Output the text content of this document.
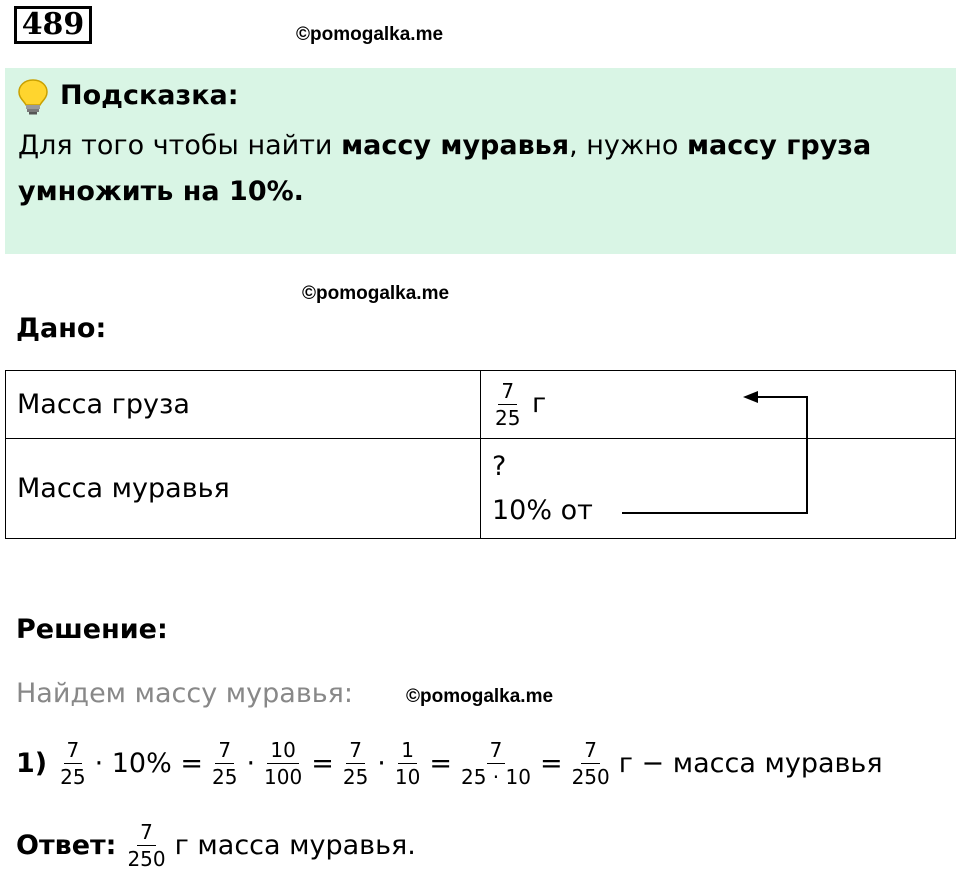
489	©pomogalka.me
Подсказка:
Для того чтобы найти массу муравья, нужно массу груза
умножить на 10%.
©pomogalka.me
Дано:
Масса груза	$\frac{7}{25}$ г
Масса муравья	?
10% от
Решение:
Найдем массу муравья:	©pomogalka.me
$1) \frac{7}{25} \cdot 10\% = \frac{7}{25} \cdot \frac{10}{100} = \frac{7}{25} \cdot \frac{1}{10} = \frac{7}{25 \cdot 10} = \frac{7}{250}$ г − масса муравья
Ответ: $\frac{7}{250}$ г масса муравья.
